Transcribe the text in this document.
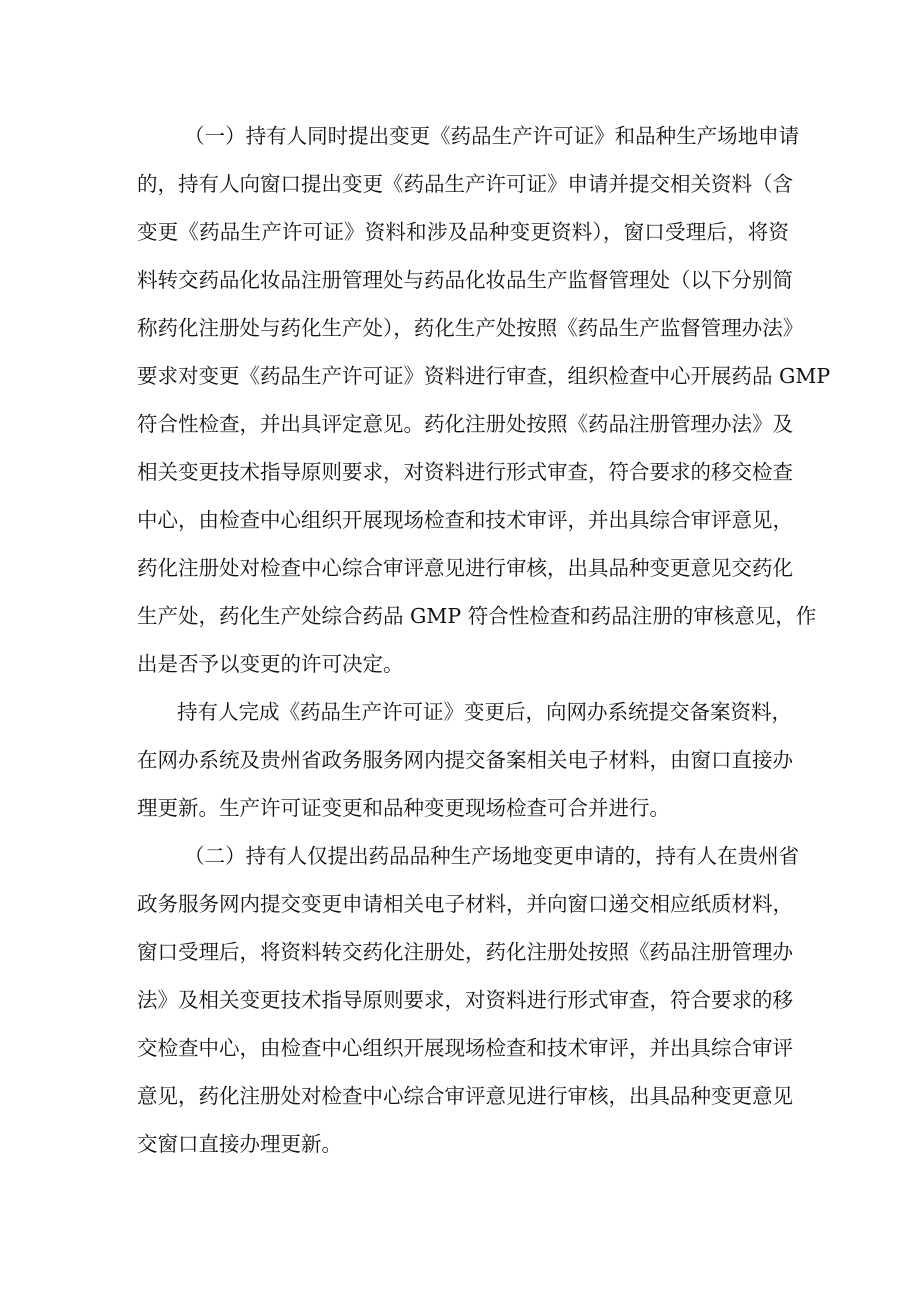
（一）持有人同时提出变更《药品生产许可证》和品种生产场地申请
的，持有人向窗口提出变更《药品生产许可证》申请并提交相关资料（含
变更《药品生产许可证》资料和涉及品种变更资料），窗口受理后，将资
料转交药品化妆品注册管理处与药品化妆品生产监督管理处（以下分别简
称药化注册处与药化生产处），药化生产处按照《药品生产监督管理办法》
要求对变更《药品生产许可证》资料进行审查，组织检查中心开展药品 GMP
符合性检查，并出具评定意见。药化注册处按照《药品注册管理办法》及
相关变更技术指导原则要求，对资料进行形式审查，符合要求的移交检查
中心，由检查中心组织开展现场检查和技术审评，并出具综合审评意见，
药化注册处对检查中心综合审评意见进行审核，出具品种变更意见交药化
生产处，药化生产处综合药品 GMP 符合性检查和药品注册的审核意见，作
出是否予以变更的许可决定。
持有人完成《药品生产许可证》变更后，向网办系统提交备案资料，
在网办系统及贵州省政务服务网内提交备案相关电子材料，由窗口直接办
理更新。生产许可证变更和品种变更现场检查可合并进行。
（二）持有人仅提出药品品种生产场地变更申请的，持有人在贵州省
政务服务网内提交变更申请相关电子材料，并向窗口递交相应纸质材料，
窗口受理后，将资料转交药化注册处，药化注册处按照《药品注册管理办
法》及相关变更技术指导原则要求，对资料进行形式审查，符合要求的移
交检查中心，由检查中心组织开展现场检查和技术审评，并出具综合审评
意见，药化注册处对检查中心综合审评意见进行审核，出具品种变更意见
交窗口直接办理更新。
